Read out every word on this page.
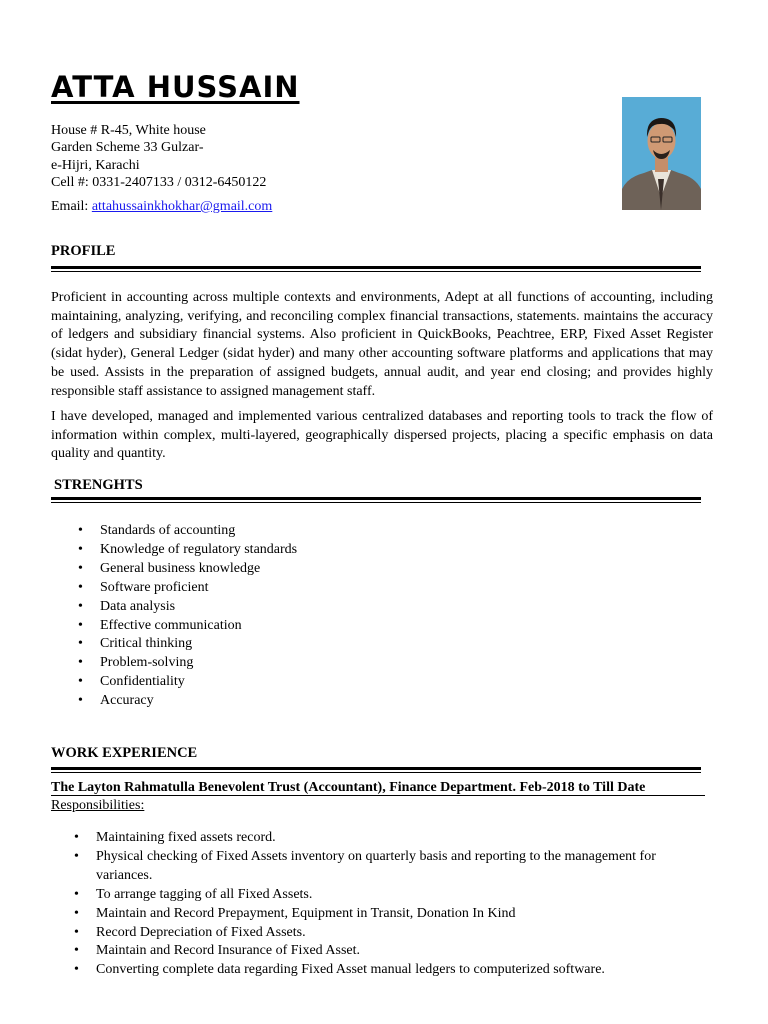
ATTA HUSSAIN
House # R-45, White house
Garden Scheme 33 Gulzar-
e-Hijri, Karachi
Cell #: 0331-2407133 / 0312-6450122
Email: attahussainkhokhar@gmail.com
PROFILE

Proficient in accounting across multiple contexts and environments, Adept at all functions of accounting, including maintaining, analyzing, verifying, and reconciling complex financial transactions, statements. maintains the accuracy of ledgers and subsidiary financial systems. Also proficient in QuickBooks, Peachtree, ERP, Fixed Asset Register (sidat hyder), General Ledger (sidat hyder) and many other accounting software platforms and applications that may be used. Assists in the preparation of assigned budgets, annual audit, and year end closing; and provides highly responsible staff assistance to assigned management staff.

I have developed, managed and implemented various centralized databases and reporting tools to track the flow of information within complex, multi-layered, geographically dispersed projects, placing a specific emphasis on data quality and quantity.

STRENGHTS
• Standards of accounting
• Knowledge of regulatory standards
• General business knowledge
• Software proficient
• Data analysis
• Effective communication
• Critical thinking
• Problem-solving
• Confidentiality
• Accuracy
WORK EXPERIENCE
The Layton Rahmatulla Benevolent Trust (Accountant), Finance Department. Feb-2018 to Till Date
Responsibilities:
• Maintaining fixed assets record.
• Physical checking of Fixed Assets inventory on quarterly basis and reporting to the management for variances.
• To arrange tagging of all Fixed Assets.
• Maintain and Record Prepayment, Equipment in Transit, Donation In Kind
• Record Depreciation of Fixed Assets.
• Maintain and Record Insurance of Fixed Asset.
• Converting complete data regarding Fixed Asset manual ledgers to computerized software.
